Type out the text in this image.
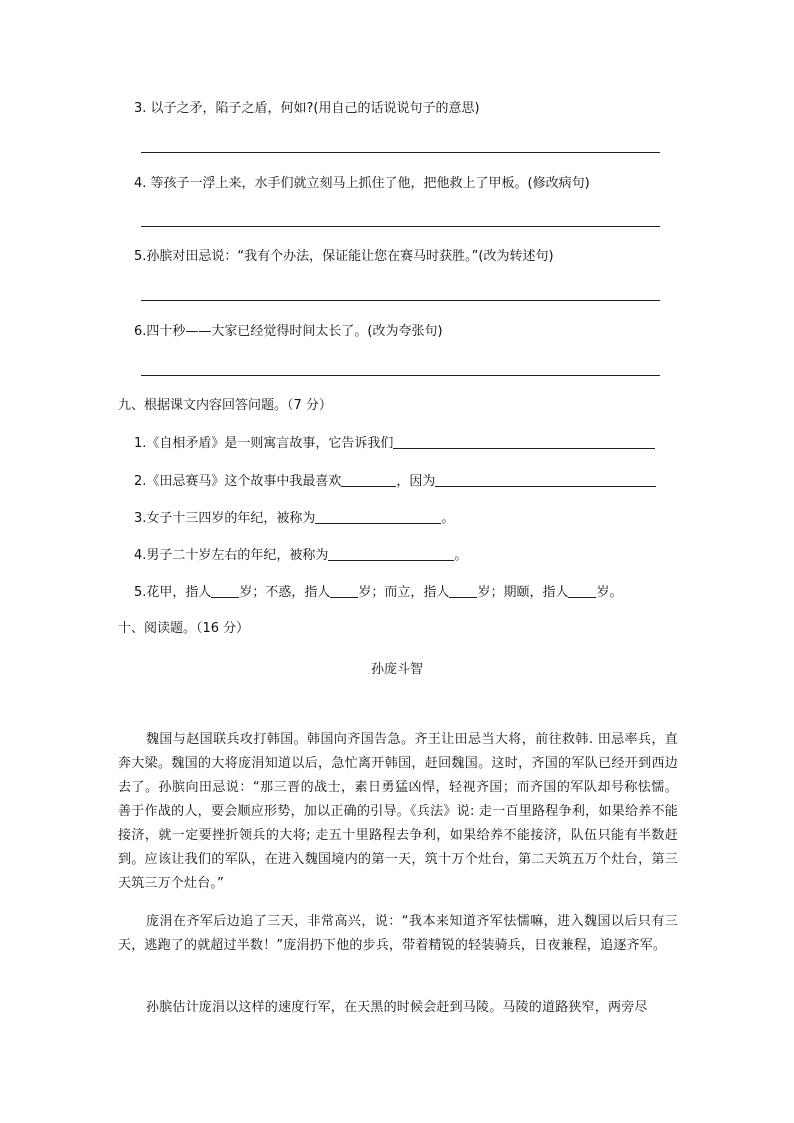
3. 以子之矛，陷子之盾，何如?(用自己的话说说句子的意思)
4. 等孩子一浮上来，水手们就立刻马上抓住了他，把他救上了甲板。(修改病句)
5.孙膑对田忌说：“我有个办法，保证能让您在赛马时获胜。”(改为转述句)
6.四十秒——大家已经觉得时间太长了。(改为夸张句)
九、根据课文内容回答问题。（7 分）
1.《自相矛盾》是一则寓言故事，它告诉我们
2.《田忌赛马》这个故事中我最喜欢	，因为
3.女子十三四岁的年纪，被称为	。
4.男子二十岁左右的年纪，被称为	。
5.花甲，指人 岁；不惑，指人 岁；而立，指人 岁；期颐，指人 岁。
十、阅读题。（16 分）
孙庞斗智
魏国与赵国联兵攻打韩国。韩国向齐国告急。齐王让田忌当大将，前往救韩. 田忌率兵，直奔大梁。魏国的大将庞涓知道以后，急忙离开韩国，赶回魏国。这时，齐国的军队已经开到西边去了。孙膑向田忌说：“那三晋的战士，素日勇猛凶悍，轻视齐国；而齐国的军队却号称怯懦。善于作战的人，要会顺应形势，加以正确的引导。《兵法》说: 走一百里路程争利，如果给养不能接济，就一定要挫折领兵的大将; 走五十里路程去争利，如果给养不能接济，队伍只能有半数赶到。应该让我们的军队，在进入魏国境内的第一天，筑十万个灶台，第二天筑五万个灶台，第三天筑三万个灶台。”
庞涓在齐军后边追了三天，非常高兴，说：“我本来知道齐军怯懦嘛，进入魏国以后只有三天，逃跑了的就超过半数！”庞涓扔下他的步兵，带着精锐的轻装骑兵，日夜兼程，追逐齐军。
孙膑估计庞涓以这样的速度行军，在天黑的时候会赶到马陵。马陵的道路狭窄，两旁尽
